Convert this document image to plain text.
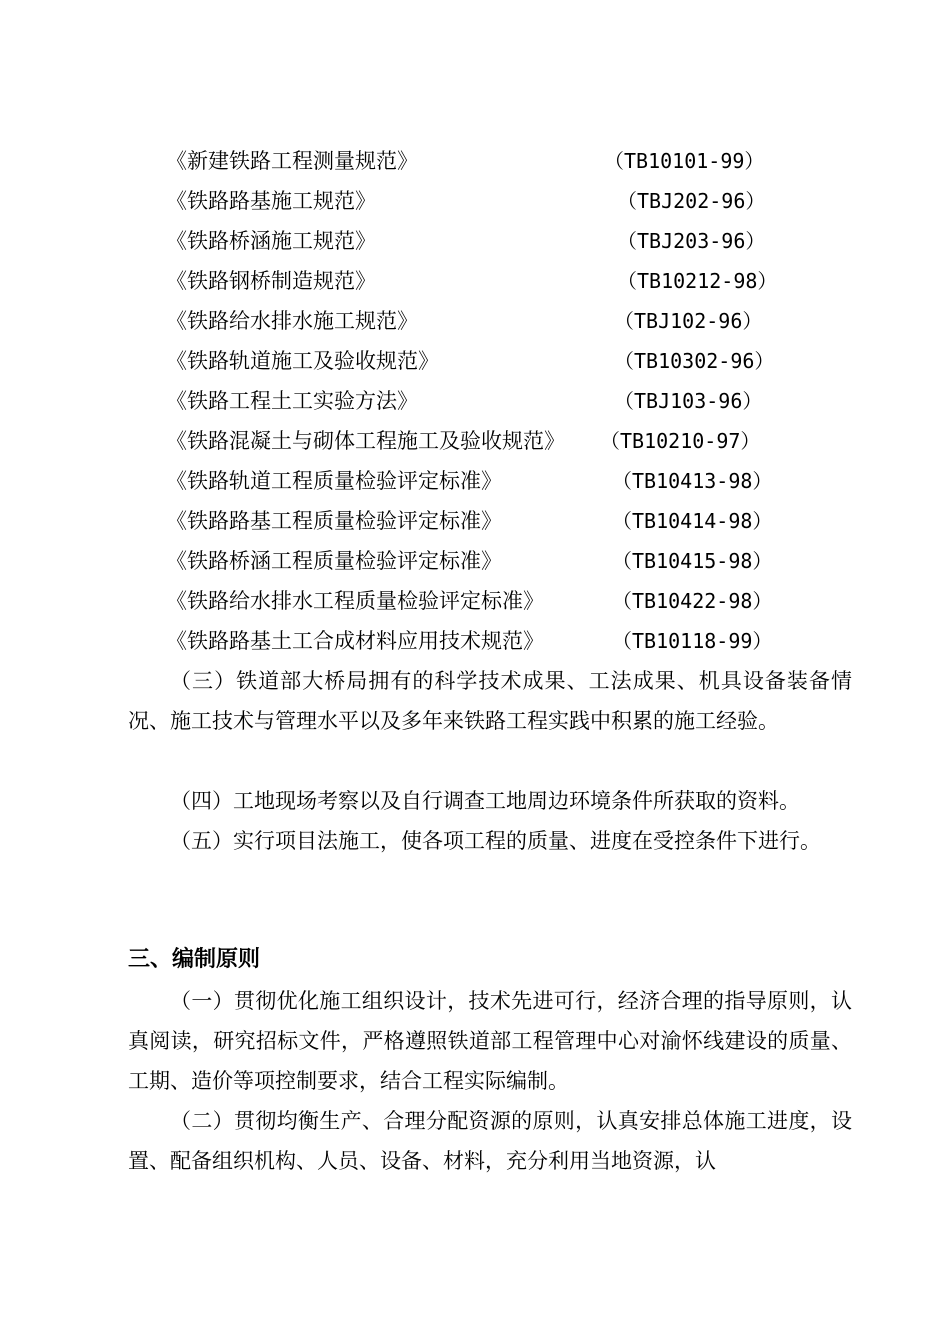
《新建铁路工程测量规范》	（TB10101-99）
《铁路路基施工规范》	（TBJ202-96）
《铁路桥涵施工规范》	（TBJ203-96）
《铁路钢桥制造规范》	（TB10212-98）
《铁路给水排水施工规范》	（TBJ102-96）
《铁路轨道施工及验收规范》	（TB10302-96）
《铁路工程土工实验方法》	（TBJ103-96）
《铁路混凝土与砌体工程施工及验收规范》 （TB10210-97）
《铁路轨道工程质量检验评定标准》	（TB10413-98）
《铁路路基工程质量检验评定标准》	（TB10414-98）
《铁路桥涵工程质量检验评定标准》	（TB10415-98）
《铁路给水排水工程质量检验评定标准》	（TB10422-98）
《铁路路基土工合成材料应用技术规范》	（TB10118-99）

（三）铁道部大桥局拥有的科学技术成果、工法成果、机具设备装备情况、施工技术与管理水平以及多年来铁路工程实践中积累的施工经验。

（四）工地现场考察以及自行调查工地周边环境条件所获取的资料。

（五）实行项目法施工，使各项工程的质量、进度在受控条件下进行。

三、编制原则

（一）贯彻优化施工组织设计，技术先进可行，经济合理的指导原则，认真阅读，研究招标文件，严格遵照铁道部工程管理中心对渝怀线建设的质量、工期、造价等项控制要求，结合工程实际编制。

（二）贯彻均衡生产、合理分配资源的原则，认真安排总体施工进度，设置、配备组织机构、人员、设备、材料，充分利用当地资源，认
